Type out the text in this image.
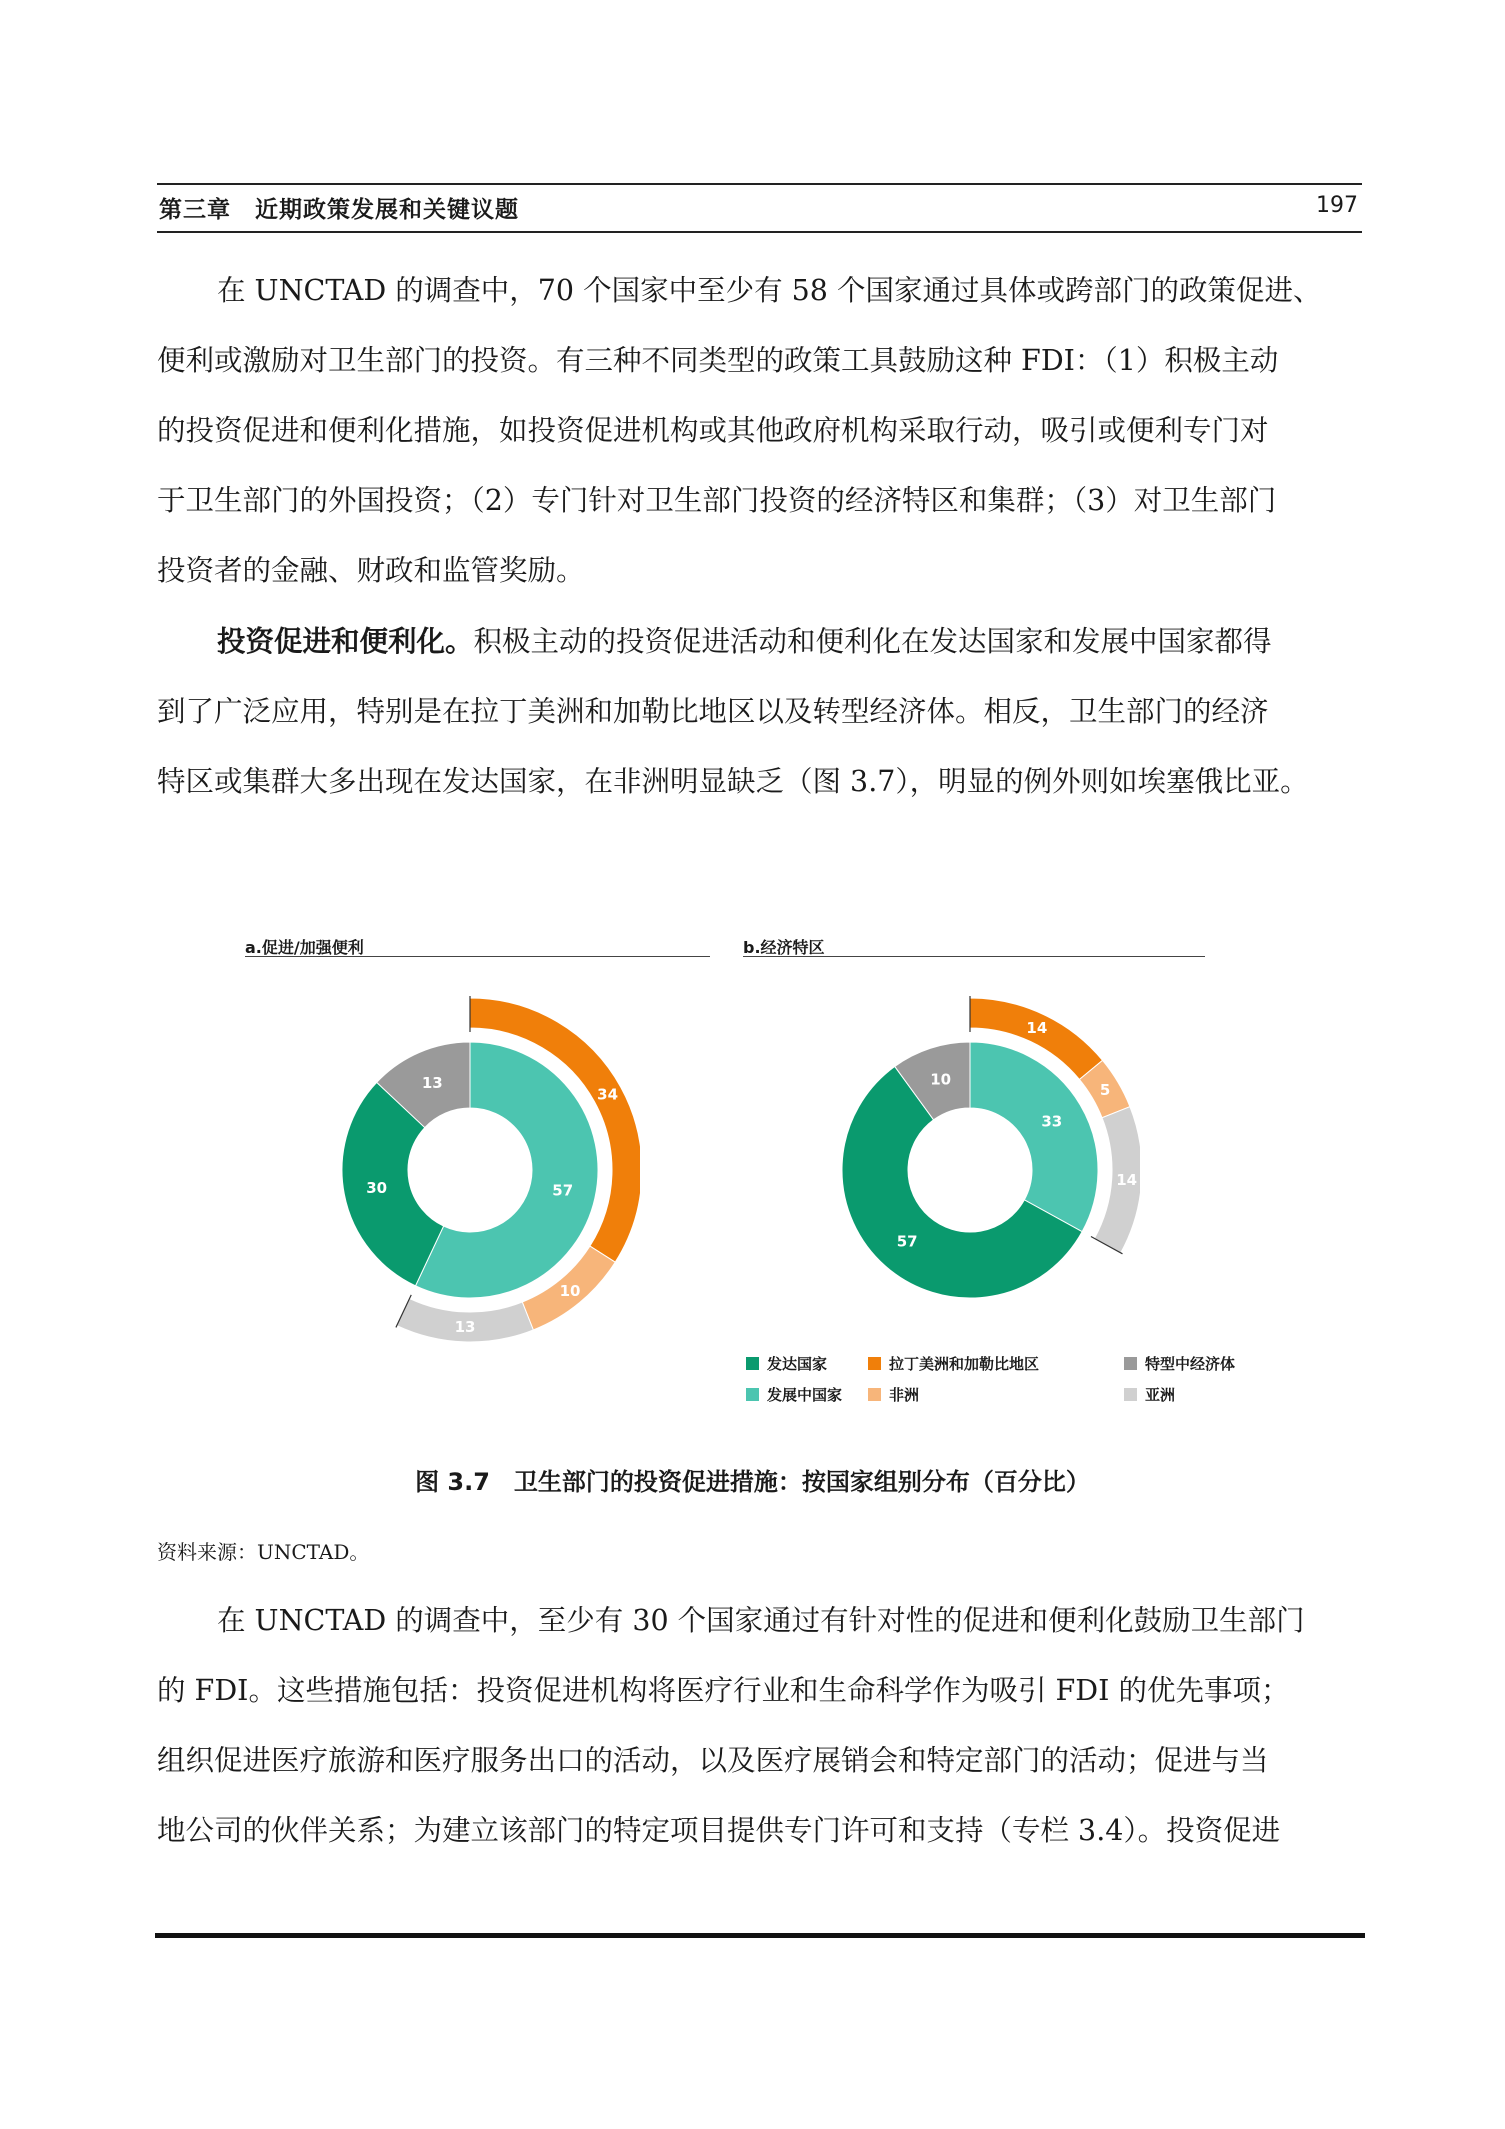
第三章　近期政策发展和关键议题	197
在 UNCTAD 的调查中，70 个国家中至少有 58 个国家通过具体或跨部门的政策促进、
便利或激励对卫生部门的投资。有三种不同类型的政策工具鼓励这种 FDI：（1）积极主动
的投资促进和便利化措施，如投资促进机构或其他政府机构采取行动，吸引或便利专门对
于卫生部门的外国投资；（2）专门针对卫生部门投资的经济特区和集群；（3）对卫生部门
投资者的金融、财政和监管奖励。
投资促进和便利化。积极主动的投资促进活动和便利化在发达国家和发展中国家都得
到了广泛应用，特别是在拉丁美洲和加勒比地区以及转型经济体。相反，卫生部门的经济
特区或集群大多出现在发达国家，在非洲明显缺乏（图 3.7），明显的例外则如埃塞俄比亚。
a.促进/加强便利	b.经济特区
57
30
13
34
10
13
33
57
10
14
5
14
发达国家	拉丁美洲和加勒比地区	特型中经济体
发展中国家	非洲	亚洲
图 3.7　卫生部门的投资促进措施：按国家组别分布（百分比）
资料来源：UNCTAD。
在 UNCTAD 的调查中，至少有 30 个国家通过有针对性的促进和便利化鼓励卫生部门
的 FDI。这些措施包括：投资促进机构将医疗行业和生命科学作为吸引 FDI 的优先事项；
组织促进医疗旅游和医疗服务出口的活动，以及医疗展销会和特定部门的活动；促进与当
地公司的伙伴关系；为建立该部门的特定项目提供专门许可和支持（专栏 3.4）。投资促进
